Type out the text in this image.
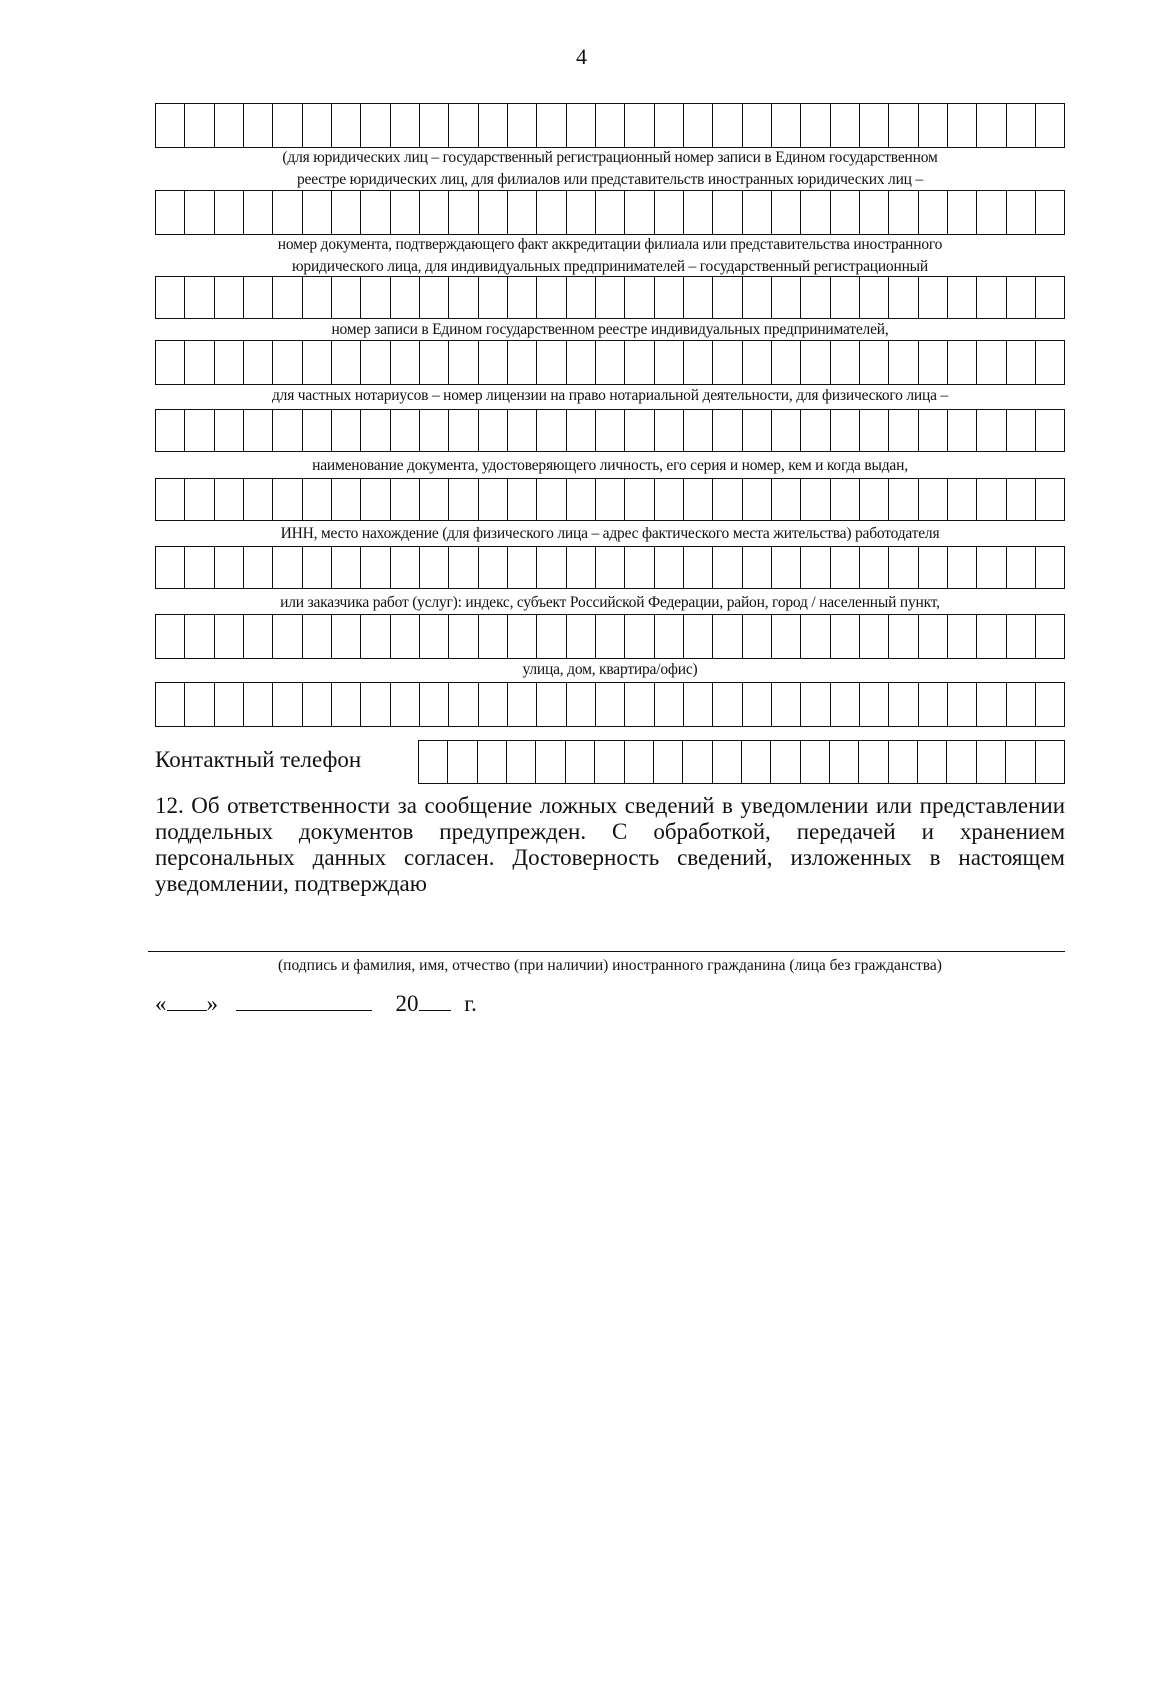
4
(для юридических лиц – государственный регистрационный номер записи в Едином государственном
реестре юридических лиц, для филиалов или представительств иностранных юридических лиц –
номер документа, подтверждающего факт аккредитации филиала или представительства иностранного
юридического лица, для индивидуальных предпринимателей – государственный регистрационный
номер записи в Едином государственном реестре индивидуальных предпринимателей,
для частных нотариусов – номер лицензии на право нотариальной деятельности, для физического лица –
наименование документа, удостоверяющего личность, его серия и номер, кем и когда выдан,
ИНН, место нахождение (для физического лица – адрес фактического места жительства) работодателя
или заказчика работ (услуг): индекс, субъект Российской Федерации, район, город / населенный пункт,
улица, дом, квартира/офис)
Контактный телефон
12. Об ответственности за сообщение ложных сведений в уведомлении или представлении поддельных документов предупрежден. С обработкой, передачей и хранением персональных данных согласен. Достоверность сведений, изложенных в настоящем уведомлении, подтверждаю
(подпись и фамилия, имя, отчество (при наличии) иностранного гражданина (лица без гражданства)
« »	20 г.
